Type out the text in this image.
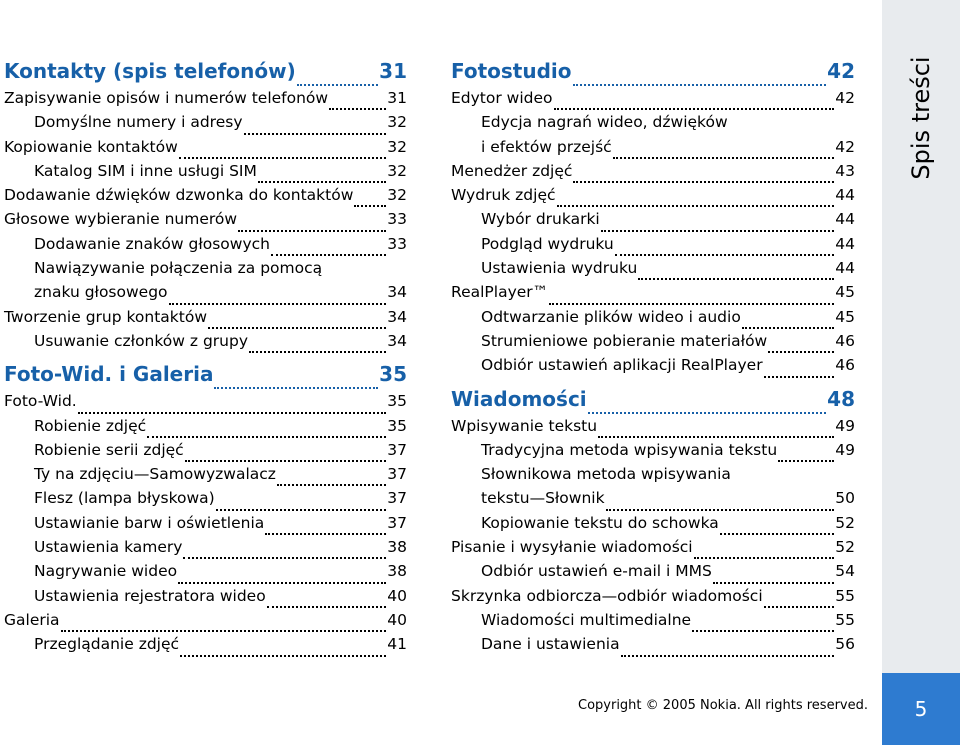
Kontakty (spis telefonów)	31
Zapisywanie opisów i numerów telefonów	31
Domyślne numery i adresy	32
Kopiowanie kontaktów	32
Katalog SIM i inne usługi SIM	32
Dodawanie dźwięków dzwonka do kontaktów 32
Głosowe wybieranie numerów	33
Dodawanie znaków głosowych	33
Nawiązywanie połączenia za pomocą
znaku głosowego	34
Tworzenie grup kontaktów	34
Usuwanie członków z grupy	34
Foto-Wid. i Galeria	35
Foto-Wid.	35
Robienie zdjęć	35
Robienie serii zdjęć	37
Ty na zdjęciu—Samowyzwalacz	37
Flesz (lampa błyskowa)	37
Ustawianie barw i oświetlenia	37
Ustawienia kamery	38
Nagrywanie wideo	38
Ustawienia rejestratora wideo	40
Galeria	40
Przeglądanie zdjęć	41
Fotostudio	42
Edytor wideo	42
Edycja nagrań wideo, dźwięków
i efektów przejść	42
Menedżer zdjęć	43
Wydruk zdjęć	44
Wybór drukarki	44
Podgląd wydruku	44
Ustawienia wydruku	44
RealPlayer™	45
Odtwarzanie plików wideo i audio	45
Strumieniowe pobieranie materiałów	46
Odbiór ustawień aplikacji RealPlayer	46
Wiadomości	48
Wpisywanie tekstu	49
Tradycyjna metoda wpisywania tekstu	49
Słownikowa metoda wpisywania
tekstu—Słownik	50
Kopiowanie tekstu do schowka	52
Pisanie i wysyłanie wiadomości	52
Odbiór ustawień e-mail i MMS	54
Skrzynka odbiorcza—odbiór wiadomości	55
Wiadomości multimedialne	55
Dane i ustawienia	56
Spis treści
5
Copyright © 2005 Nokia. All rights reserved.
